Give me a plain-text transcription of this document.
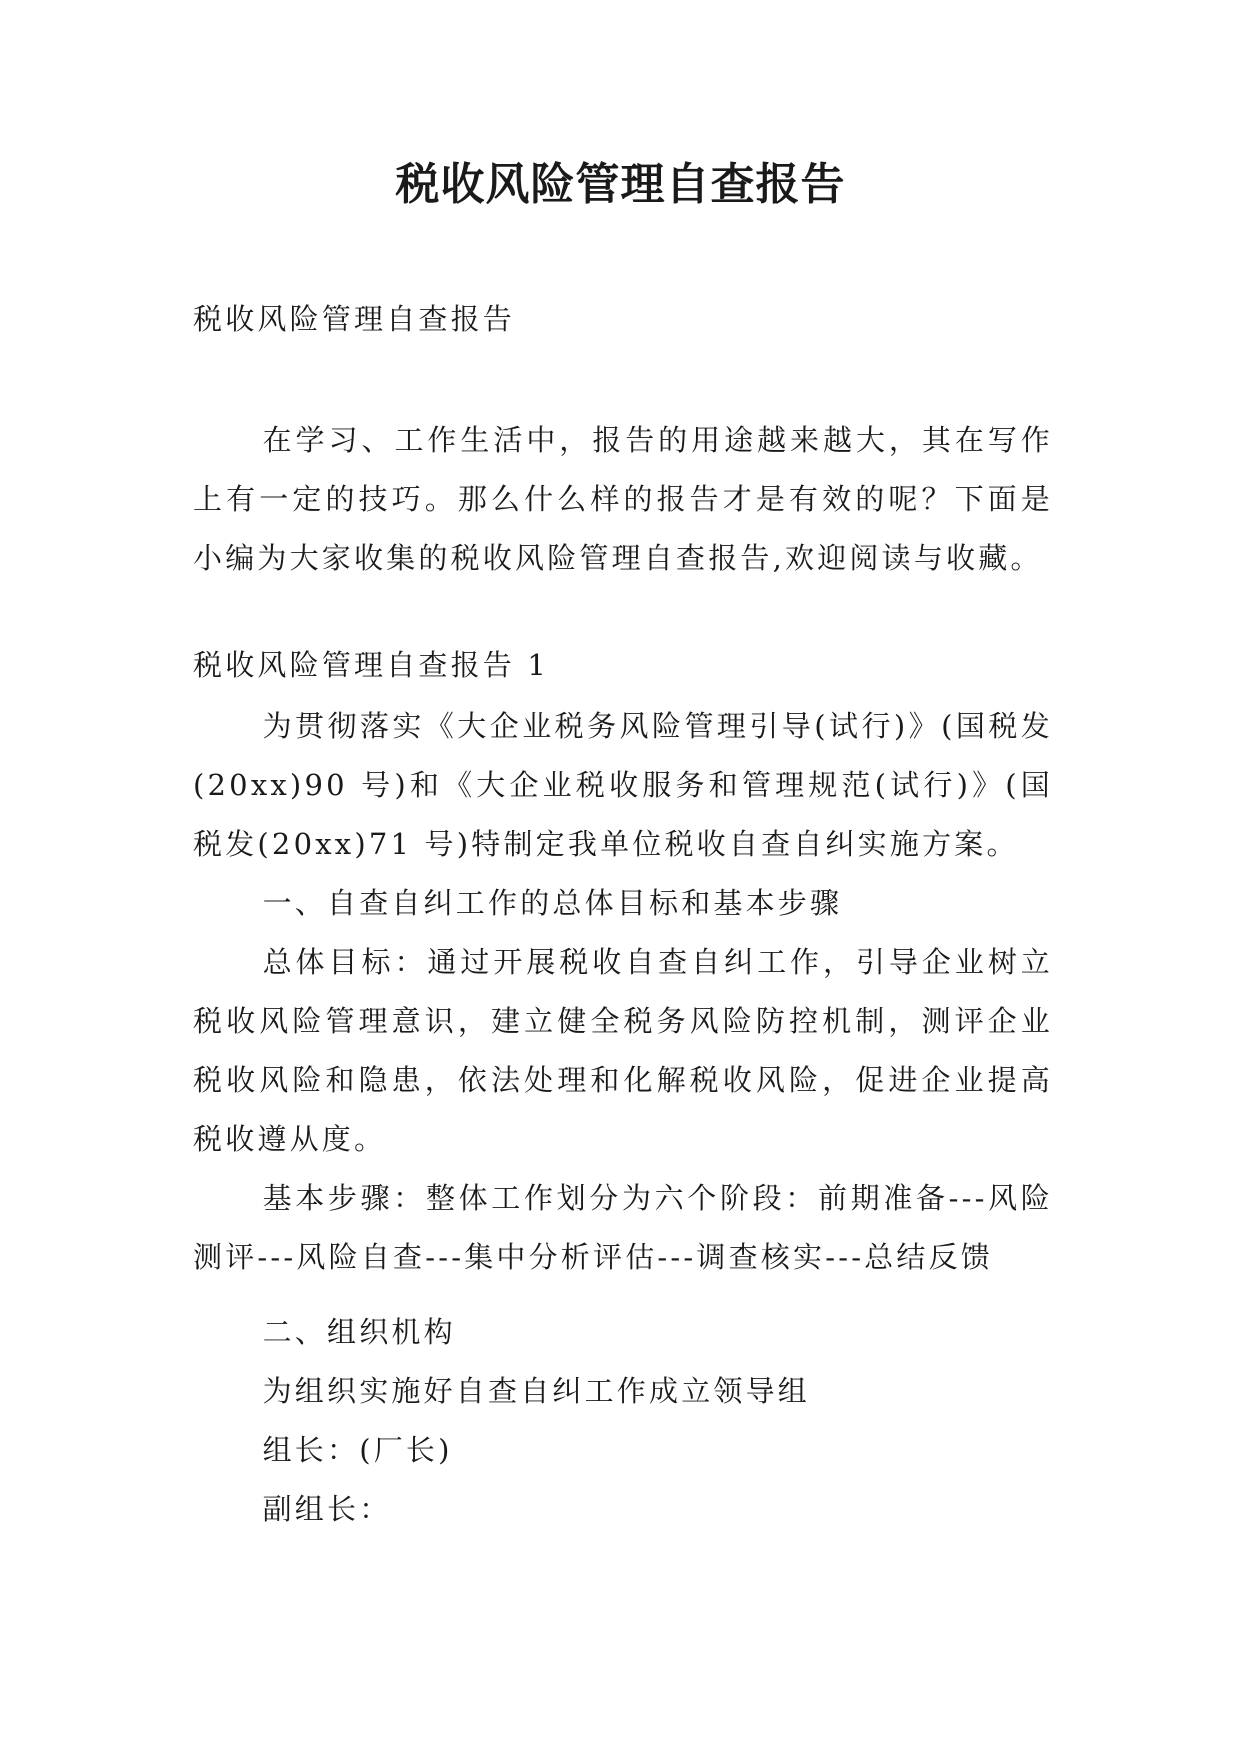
税收风险管理自查报告

税收风险管理自查报告

在学习、工作生活中，报告的用途越来越大，其在写作上有一定的技巧。那么什么样的报告才是有效的呢？下面是小编为大家收集的税收风险管理自查报告,欢迎阅读与收藏。

税收风险管理自查报告 1

为贯彻落实《大企业税务风险管理引导(试行)》(国税发(20xx)90 号)和《大企业税收服务和管理规范(试行)》(国税发(20xx)71 号)特制定我单位税收自查自纠实施方案。

一、自查自纠工作的总体目标和基本步骤

总体目标：通过开展税收自查自纠工作，引导企业树立税收风险管理意识，建立健全税务风险防控机制，测评企业税收风险和隐患，依法处理和化解税收风险，促进企业提高税收遵从度。

基本步骤：整体工作划分为六个阶段：前期准备---风险测评---风险自查---集中分析评估---调查核实---总结反馈

二、组织机构

为组织实施好自查自纠工作成立领导组

组长：(厂长)

副组长：
